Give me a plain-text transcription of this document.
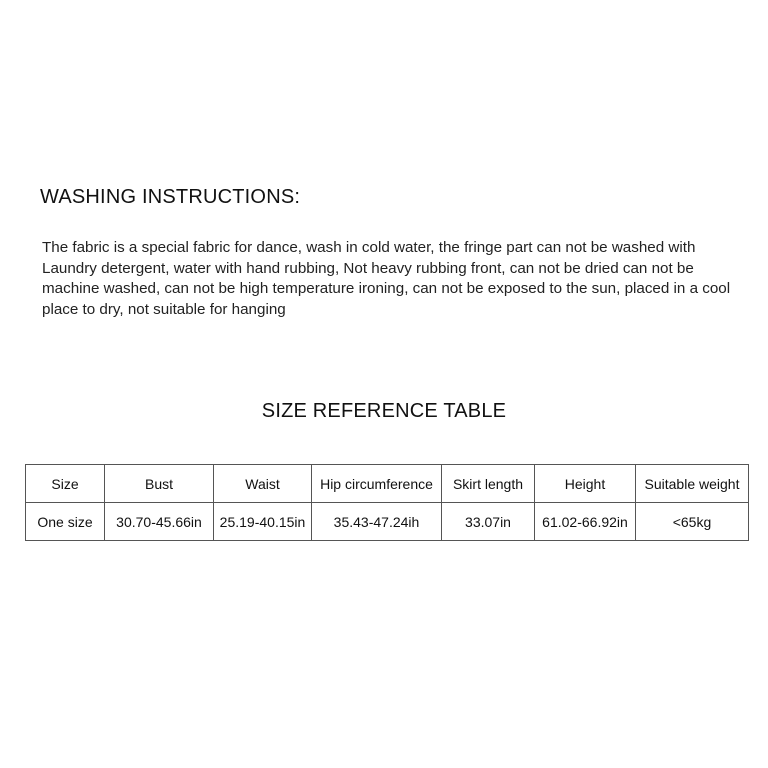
WASHING INSTRUCTIONS:

The fabric is a special fabric for dance, wash in cold water, the fringe part can not be washed with Laundry detergent, water with hand rubbing, Not heavy rubbing front, can not be dried can not be machine washed, can not be high temperature ironing, can not be exposed to the sun, placed in a cool place to dry, not suitable for hanging

SIZE REFERENCE TABLE
Size	Bust	Waist	Hip circumference	Skirt length	Height	Suitable weight
One size	30.70-45.66in	25.19-40.15in	35.43-47.24ih	33.07in	61.02-66.92in	<65kg
